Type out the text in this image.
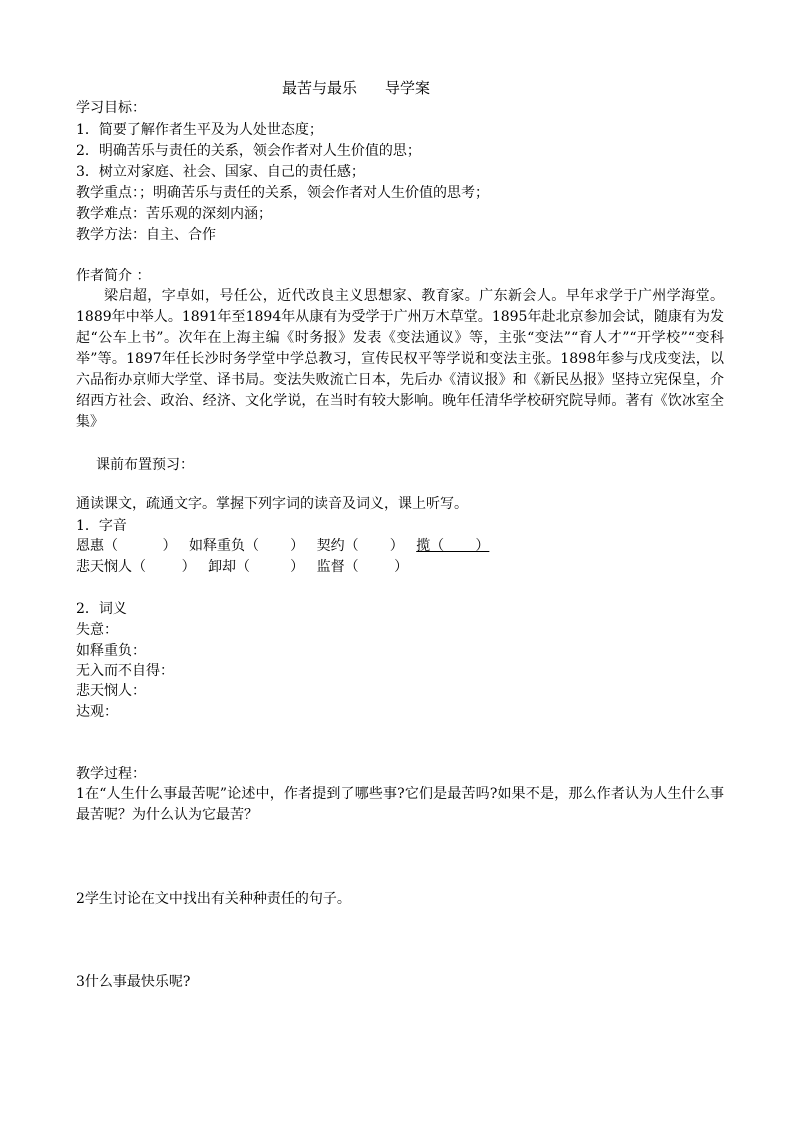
最苦与最乐 导学案
学习目标：
1．简要了解作者生平及为人处世态度；
2．明确苦乐与责任的关系，领会作者对人生价值的思；
3．树立对家庭、社会、国家、自己的责任感；
教学重点：；明确苦乐与责任的关系，领会作者对人生价值的思考；
教学难点：苦乐观的深刻内涵；
教学方法：自主、合作
作者简介 ：
梁启超，字卓如，号任公，近代改良主义思想家、教育家。广东新会人。早年求学于广州学海堂。1889年中举人。1891年至1894年从康有为受学于广州万木草堂。1895年赴北京参加会试，随康有为发起“公车上书”。次年在上海主编《时务报》发表《变法通议》等，主张“变法”“育人才”“开学校”“变科举”等。1897年任长沙时务学堂中学总教习，宣传民权平等学说和变法主张。1898年参与戊戌变法，以六品衔办京师大学堂、译书局。变法失败流亡日本，先后办《清议报》和《新民丛报》坚持立宪保皇，介绍西方社会、政治、经济、文化学说，在当时有较大影响。晚年任清华学校研究院导师。著有《饮冰室全集》
课前布置预习：
通读课文，疏通文字。掌握下列字词的读音及词义，课上听写。
1．字音
恩惠（          ） 如释重负（       ） 契约（       ） 揽（       ）
悲天悯人（        ） 卸却（         ） 监督（        ）
2．词义
失意：
如释重负：
无入而不自得：
悲天悯人：
达观：
教学过程：
1在“人生什么事最苦呢”论述中，作者提到了哪些事?它们是最苦吗?如果不是，那么作者认为人生什么事最苦呢？为什么认为它最苦？
2学生讨论在文中找出有关种种责任的句子。
3什么事最快乐呢?
